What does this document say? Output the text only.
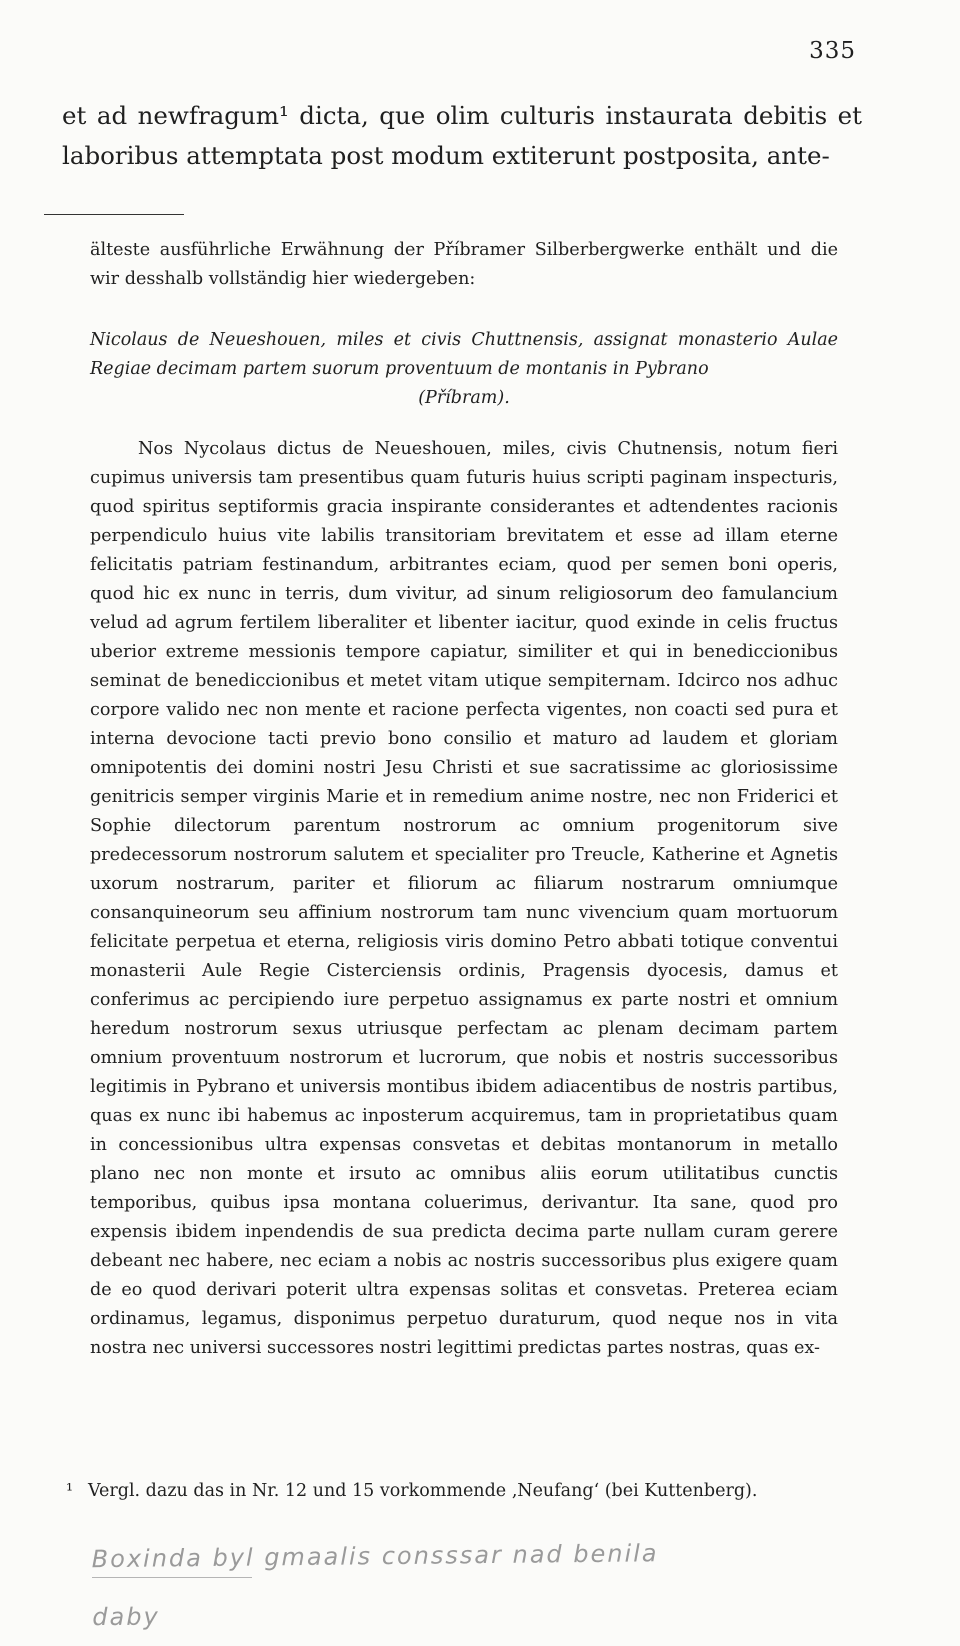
335

et ad newfragum¹ dicta, que olim culturis instaurata debitis et laboribus attemptata post modum extiterunt postposita, ante-

älteste ausführliche Erwähnung der Příbramer Silberbergwerke enthält und die wir desshalb vollständig hier wiedergeben:
Nicolaus de Neueshouen, miles et civis Chuttnensis, assignat monasterio Aulae Regiae decimam partem suorum proventuum de montanis in Pybrano
(Příbram).

Nos Nycolaus dictus de Neueshouen, miles, civis Chutnensis, notum fieri cupimus universis tam presentibus quam futuris huius scripti paginam inspecturis, quod spiritus septiformis gracia inspirante considerantes et adtendentes racionis perpendiculo huius vite labilis transitoriam brevitatem et esse ad illam eterne felicitatis patriam festinandum, arbitrantes eciam, quod per semen boni operis, quod hic ex nunc in terris, dum vivitur, ad sinum religiosorum deo famulancium velud ad agrum fertilem liberaliter et libenter iacitur, quod exinde in celis fructus uberior extreme messionis tempore capiatur, similiter et qui in benediccionibus seminat de benediccionibus et metet vitam utique sempiternam. Idcirco nos adhuc corpore valido nec non mente et racione perfecta vigentes, non coacti sed pura et interna devocione tacti previo bono consilio et maturo ad laudem et gloriam omnipotentis dei domini nostri Jesu Christi et sue sacratissime ac gloriosissime genitricis semper virginis Marie et in remedium anime nostre, nec non Friderici et Sophie dilectorum parentum nostrorum ac omnium progenitorum sive predecessorum nostrorum salutem et specialiter pro Treucle, Katherine et Agnetis uxorum nostrarum, pariter et filiorum ac filiarum nostrarum omniumque consanquineorum seu affinium nostrorum tam nunc vivencium quam mortuorum felicitate perpetua et eterna, religiosis viris domino Petro abbati totique conventui monasterii Aule Regie Cisterciensis ordinis, Pragensis dyocesis, damus et conferimus ac percipiendo iure perpetuo assignamus ex parte nostri et omnium heredum nostrorum sexus utriusque perfectam ac plenam decimam partem omnium proventuum nostrorum et lucrorum, que nobis et nostris successoribus legitimis in Pybrano et universis montibus ibidem adiacentibus de nostris partibus, quas ex nunc ibi habemus ac inposterum acquiremus, tam in proprietatibus quam in concessionibus ultra expensas consvetas et debitas montanorum in metallo plano nec non monte et irsuto ac omnibus aliis eorum utilitatibus cunctis temporibus, quibus ipsa montana coluerimus, derivantur. Ita sane, quod pro expensis ibidem inpendendis de sua predicta decima parte nullam curam gerere debeant nec habere, nec eciam a nobis ac nostris successoribus plus exigere quam de eo quod derivari poterit ultra expensas solitas et consvetas. Preterea eciam ordinamus, legamus, disponimus perpetuo duraturum, quod neque nos in vita nostra nec universi successores nostri legittimi predictas partes nostras, quas ex-

¹ Vergl. dazu das in Nr. 12 und 15 vorkommende ‚Neufang‘ (bei Kuttenberg).
Boxinda byl gmaalis consssar nad benila
daby
